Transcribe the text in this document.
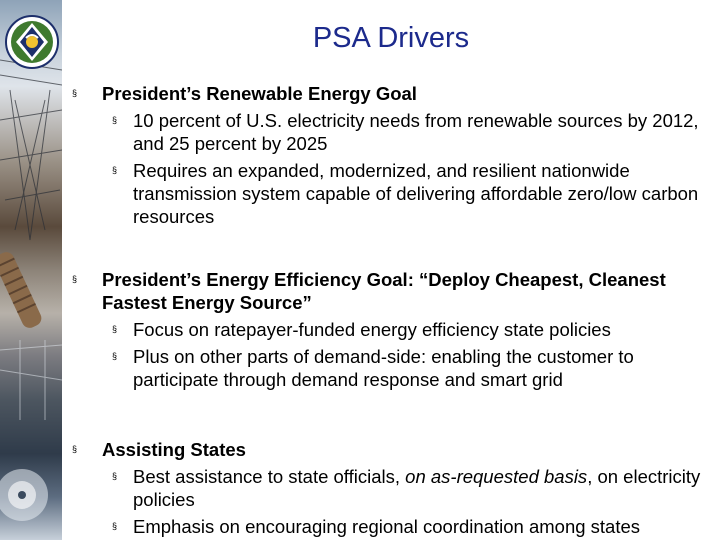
PSA Drivers
§ President’s Renewable Energy Goal
§ 10 percent of U.S. electricity needs from renewable sources by 2012, and 25 percent by 2025
§ Requires an expanded, modernized, and resilient nationwide transmission system capable of delivering affordable zero/low carbon resources
§ President’s Energy Efficiency Goal: “Deploy Cheapest, Cleanest Fastest Energy Source”
§ Focus on ratepayer-funded energy efficiency state policies
§ Plus on other parts of demand-side: enabling the customer to participate through demand response and smart grid
§ Assisting States
§ Best assistance to state officials, on as-requested basis, on electricity policies
§ Emphasis on encouraging regional coordination among states
